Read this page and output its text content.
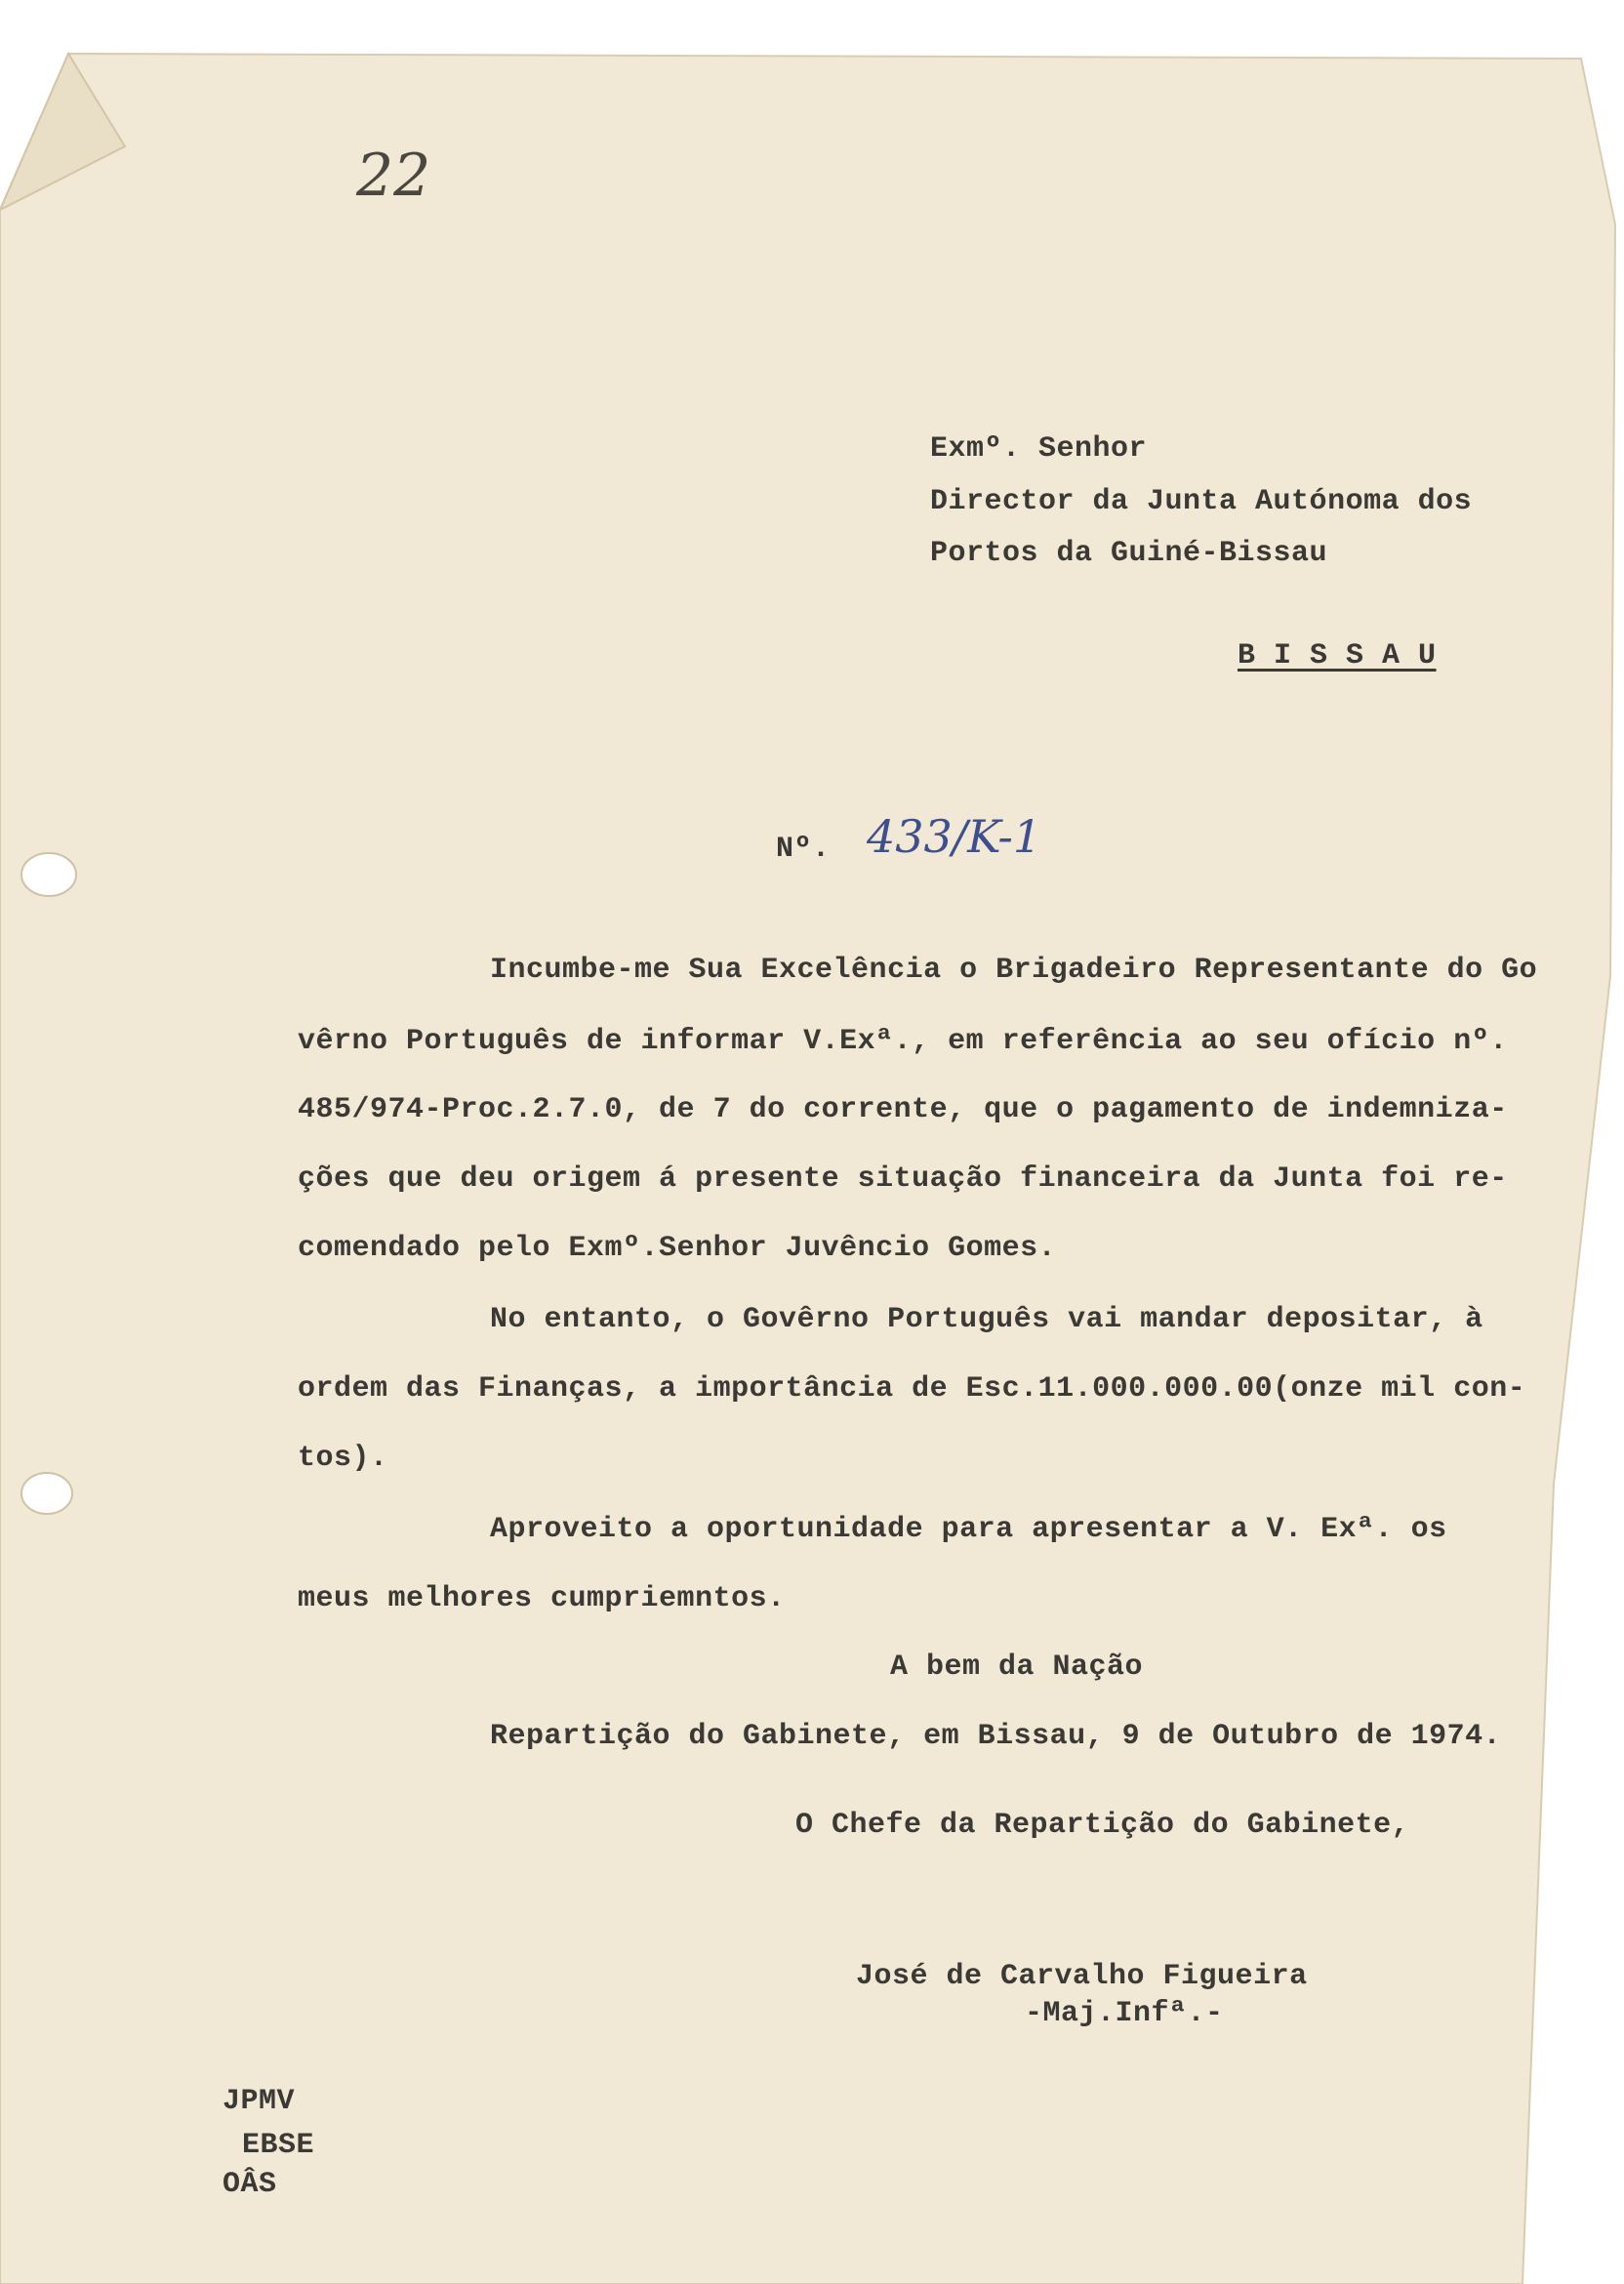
22
Exmº. Senhor
Director da Junta Autónoma dos
Portos da Guiné-Bissau
B I S S A U
Nº. 433/K-1
Incumbe-me Sua Excelência o Brigadeiro Representante do Go
vêrno Português de informar V.Exª., em referência ao seu ofício nº.
485/974-Proc.2.7.0, de 7 do corrente, que o pagamento de indemniza-
ções que deu origem á presente situação financeira da Junta foi re-
comendado pelo Exmº.Senhor Juvêncio Gomes.
No entanto, o Govêrno Português vai mandar depositar, à
ordem das Finanças, a importância de Esc.11.000.000.00(onze mil con-
tos).
Aproveito a oportunidade para apresentar a V. Exª. os
meus melhores cumpriemntos.
A bem da Nação
Repartição do Gabinete, em Bissau, 9 de Outubro de 1974.
O Chefe da Repartição do Gabinete,
José de Carvalho Figueira
-Maj.Infª.-
JPMV
EBSE
OÂS
